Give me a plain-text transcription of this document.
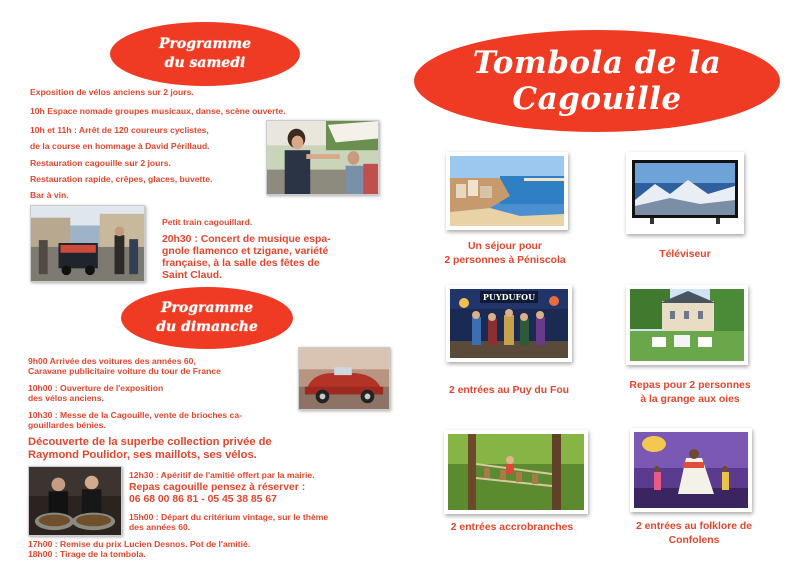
Programme
du samedi
Exposition de vélos anciens sur 2 jours.
10h Espace nomade groupes musicaux, danse, scène ouverte.
10h et 11h : Arrêt de 120 coureurs cyclistes,
de la course en hommage à David Périllaud.
Restauration cagouille sur 2 jours.
Restauration rapide, crêpes, glaces, buvette.
Bar à vin.
Petit train cagouillard.
20h30 : Concert de musique espa-
gnole flamenco et tzigane, variété
française, à la salle des fêtes de
Saint Claud.
Programme
du dimanche
9h00 Arrivée des voitures des années 60,
Caravane publicitaire voiture du tour de France
10h00 : Ouverture de l'exposition
des vélos anciens.
10h30 : Messe de la Cagouille, vente de brioches ca-
gouillardes bénies.
Découverte de la superbe collection privée de
Raymond Poulidor, ses maillots, ses vélos.
12h30 : Apéritif de l'amitié offert par la mairie.
Repas cagouille pensez à réserver :
06 68 00 86 81 - 05 45 38 85 67
15h00 : Départ du critérium vintage, sur le thème
des années 60.
17h00 : Remise du prix Lucien Desnos. Pot de l'amitié.
18h00 : Tirage de la tombola.
Tombola de la Cagouille
Un séjour pour
2 personnes à Péniscola
Téléviseur
PUYDUFOU
2 entrées au Puy du Fou	Repas pour 2 personnes
à la grange aux oies
2 entrées accrobranches	2 entrées au folklore de
Confolens
